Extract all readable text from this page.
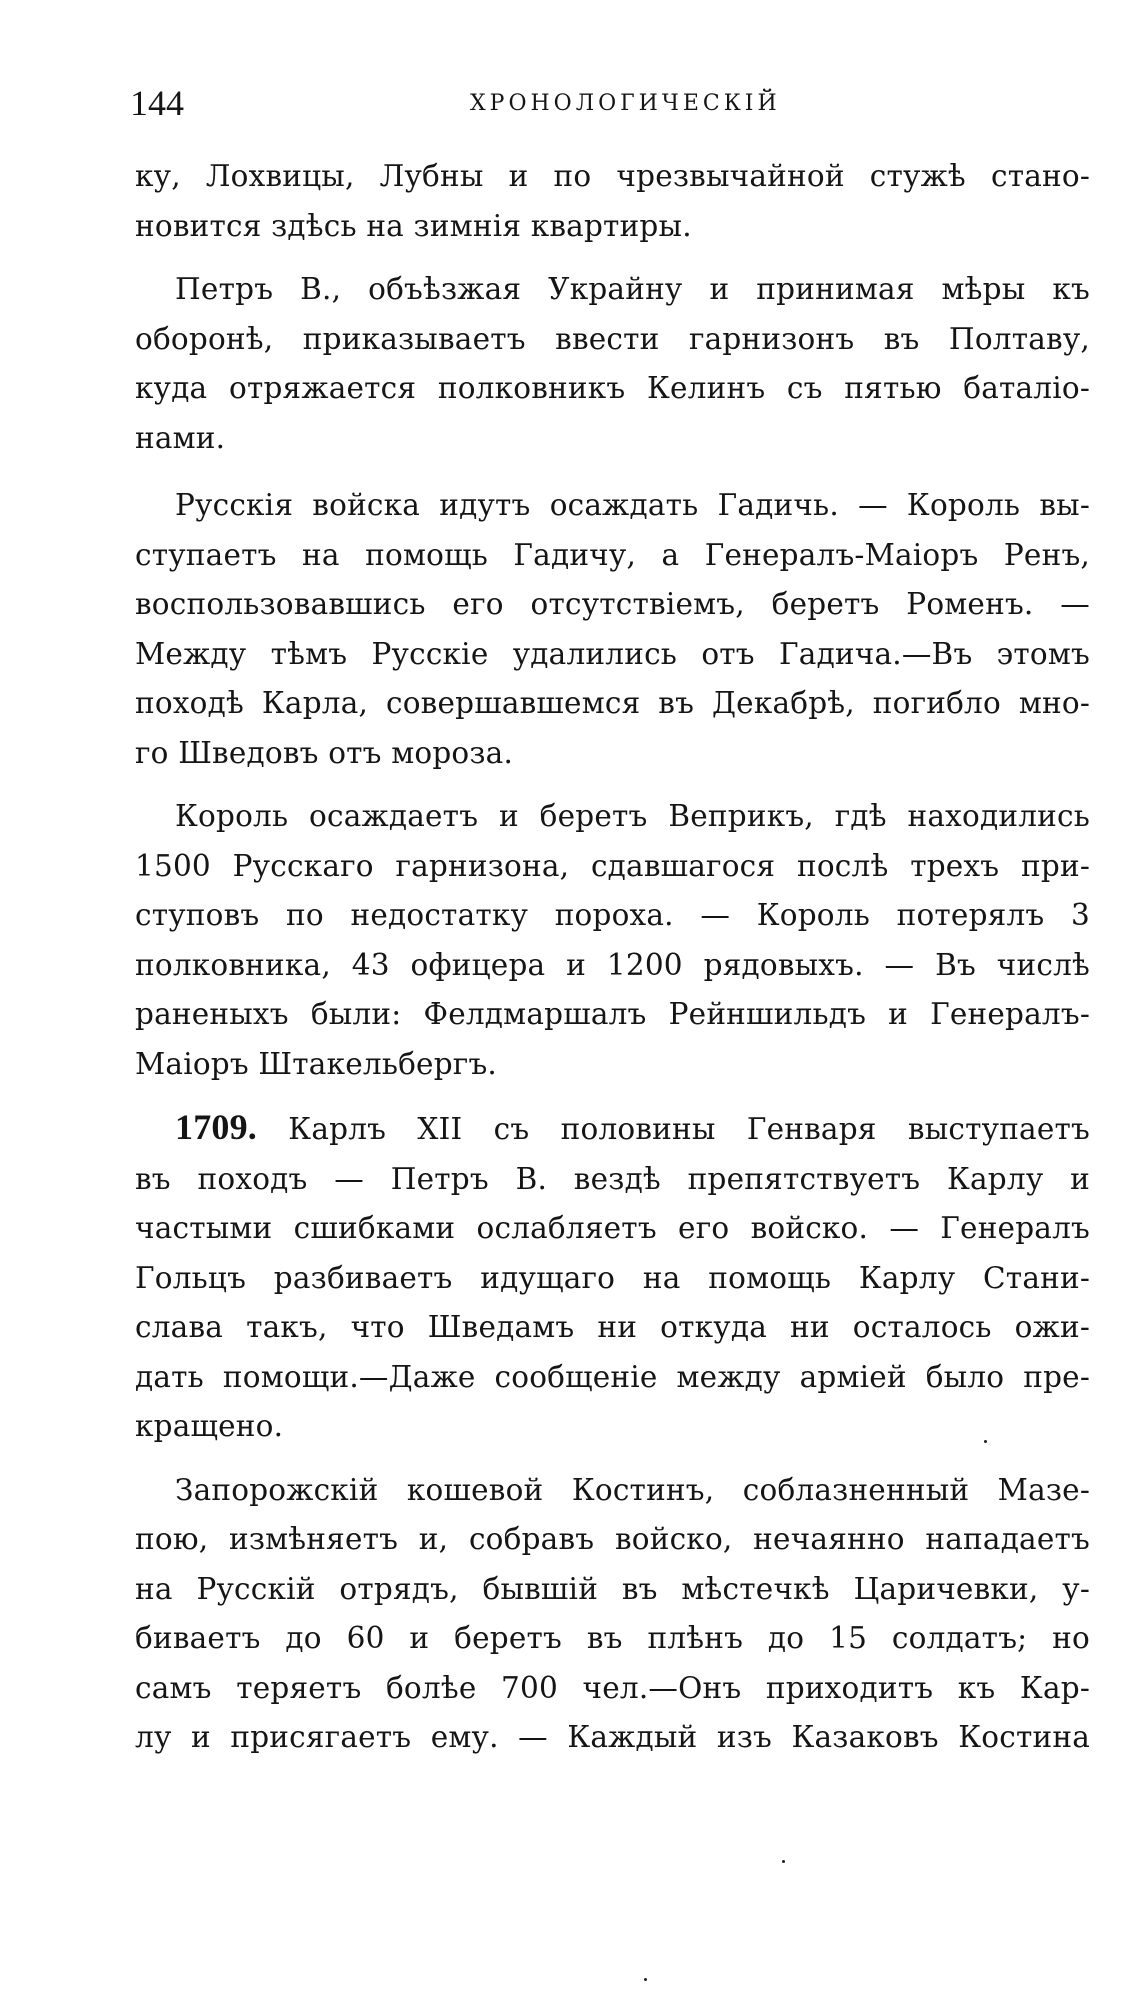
144	ХРОНОЛОГИЧЕСКІЙ

ку, Лохвицы, Лубны и по чрезвычайной стужѣ стано-
новится здѣсь на зимнія квартиры.

Петръ В., объѣзжая Украйну и принимая мѣры къ
оборонѣ, приказываетъ ввести гарнизонъ въ Полтаву,
куда отряжается полковникъ Келинъ съ пятью баталіо-
нами.

Русскія войска идутъ осаждать Гадичь. — Король вы-
ступаетъ на помощь Гадичу, а Генералъ-Маіоръ Ренъ,
воспользовавшись его отсутствіемъ, беретъ Роменъ. —
Между тѣмъ Русскіе удалились отъ Гадича.—Въ этомъ
походѣ Карла, совершавшемся въ Декабрѣ, погибло мно-
го Шведовъ отъ мороза.

Король осаждаетъ и беретъ Веприкъ, гдѣ находились
1500 Русскаго гарнизона, сдавшагося послѣ трехъ при-
ступовъ по недостатку пороха. — Король потерялъ 3
полковника, 43 офицера и 1200 рядовыхъ. — Въ числѣ
раненыхъ были: Фелдмаршалъ Рейншильдъ и Генералъ-
Маіоръ Штакельбергъ.

1709. Карлъ XII съ половины Генваря выступаетъ
въ походъ — Петръ В. вездѣ препятствуетъ Карлу и
частыми сшибками ослабляетъ его войско. — Генералъ
Гольцъ разбиваетъ идущаго на помощь Карлу Стани-
слава такъ, что Шведамъ ни откуда ни осталось ожи-
дать помощи.—Даже сообщеніе между арміей было пре-
кращено.

Запорожскій кошевой Костинъ, соблазненный Мазе-
пою, измѣняетъ и, собравъ войско, нечаянно нападаетъ
на Русскій отрядъ, бывшій въ мѣстечкѣ Царичевки, у-
биваетъ до 60 и беретъ въ плѣнъ до 15 солдатъ; но
самъ теряетъ болѣе 700 чел.—Онъ приходитъ къ Кар-
лу и присягаетъ ему. — Каждый изъ Казаковъ Костина
